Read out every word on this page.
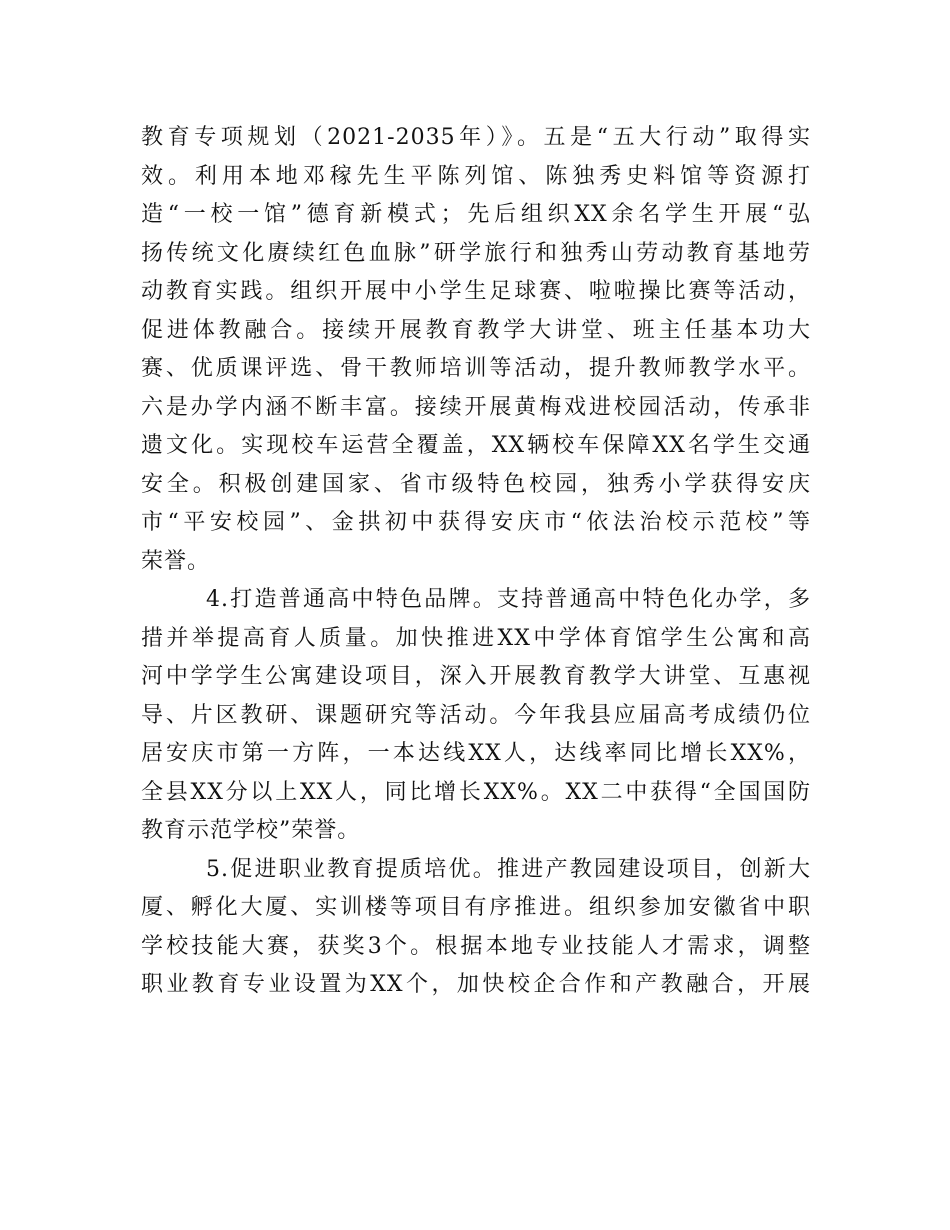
教育专项规划（2021-2035年）》。五是“五大行动”取得实
效。利用本地邓稼先生平陈列馆、陈独秀史料馆等资源打
造“一校一馆”德育新模式；先后组织XX余名学生开展“弘
扬传统文化赓续红色血脉”研学旅行和独秀山劳动教育基地劳
动教育实践。组织开展中小学生足球赛、啦啦操比赛等活动，
促进体教融合。接续开展教育教学大讲堂、班主任基本功大
赛、优质课评选、骨干教师培训等活动，提升教师教学水平。
六是办学内涵不断丰富。接续开展黄梅戏进校园活动，传承非
遗文化。实现校车运营全覆盖，XX辆校车保障XX名学生交通
安全。积极创建国家、省市级特色校园，独秀小学获得安庆
市“平安校园”、金拱初中获得安庆市“依法治校示范校”等
荣誉。
4.打造普通高中特色品牌。支持普通高中特色化办学，多
措并举提高育人质量。加快推进XX中学体育馆学生公寓和高
河中学学生公寓建设项目，深入开展教育教学大讲堂、互惠视
导、片区教研、课题研究等活动。今年我县应届高考成绩仍位
居安庆市第一方阵，一本达线XX人，达线率同比增长XX%，
全县XX分以上XX人，同比增长XX%。XX二中获得“全国国防
教育示范学校”荣誉。
5.促进职业教育提质培优。推进产教园建设项目，创新大
厦、孵化大厦、实训楼等项目有序推进。组织参加安徽省中职
学校技能大赛，获奖3个。根据本地专业技能人才需求，调整
职业教育专业设置为XX个，加快校企合作和产教融合，开展
